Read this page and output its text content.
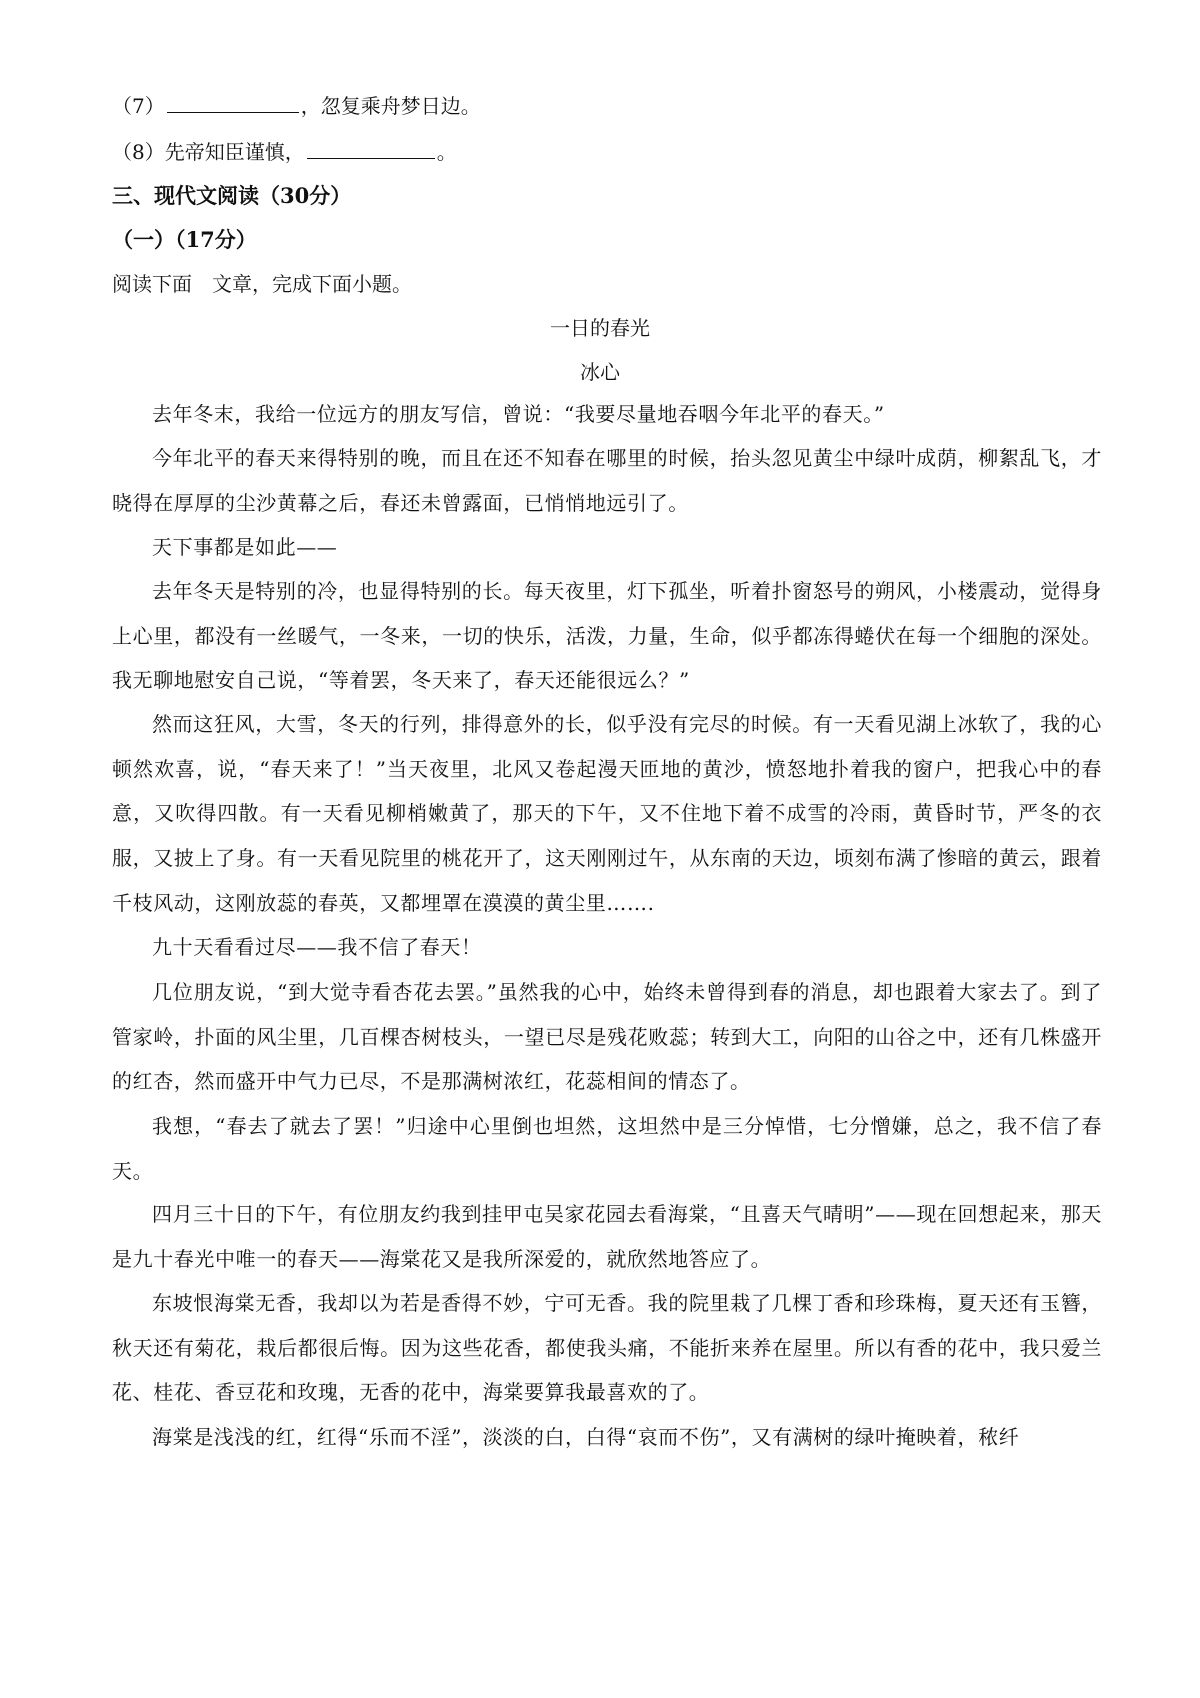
（7）	，忽复乘舟梦日边。
（8）先帝知臣谨慎，	。
三、现代文阅读（30分）
（一）（17分）
阅读下面　文章，完成下面小题。
一日的春光
冰心

去年冬末，我给一位远方的朋友写信，曾说：“我要尽量地吞咽今年北平的春天。”

今年北平的春天来得特别的晚，而且在还不知春在哪里的时候，抬头忽见黄尘中绿叶成荫，柳絮乱飞，才晓得在厚厚的尘沙黄幕之后，春还未曾露面，已悄悄地远引了。

天下事都是如此——

去年冬天是特别的冷，也显得特别的长。每天夜里，灯下孤坐，听着扑窗怒号的朔风，小楼震动，觉得身上心里，都没有一丝暖气，一冬来，一切的快乐，活泼，力量，生命，似乎都冻得蜷伏在每一个细胞的深处。我无聊地慰安自己说，“等着罢，冬天来了，春天还能很远么？”

然而这狂风，大雪，冬天的行列，排得意外的长，似乎没有完尽的时候。有一天看见湖上冰软了，我的心顿然欢喜，说，“春天来了！”当天夜里，北风又卷起漫天匝地的黄沙，愤怒地扑着我的窗户，把我心中的春意，又吹得四散。有一天看见柳梢嫩黄了，那天的下午，又不住地下着不成雪的冷雨，黄昏时节，严冬的衣服，又披上了身。有一天看见院里的桃花开了，这天刚刚过午，从东南的天边，顷刻布满了惨暗的黄云，跟着千枝风动，这刚放蕊的春英，又都埋罩在漠漠的黄尘里…….

九十天看看过尽——我不信了春天！

几位朋友说，“到大觉寺看杏花去罢。”虽然我的心中，始终未曾得到春的消息，却也跟着大家去了。到了管家岭，扑面的风尘里，几百棵杏树枝头，一望已尽是残花败蕊；转到大工，向阳的山谷之中，还有几株盛开的红杏，然而盛开中气力已尽，不是那满树浓红，花蕊相间的情态了。

我想，“春去了就去了罢！”归途中心里倒也坦然，这坦然中是三分悼惜，七分憎嫌，总之，我不信了春天。

四月三十日的下午，有位朋友约我到挂甲屯吴家花园去看海棠，“且喜天气晴明”——现在回想起来，那天是九十春光中唯一的春天——海棠花又是我所深爱的，就欣然地答应了。

东坡恨海棠无香，我却以为若是香得不妙，宁可无香。我的院里栽了几棵丁香和珍珠梅，夏天还有玉簪，秋天还有菊花，栽后都很后悔。因为这些花香，都使我头痛，不能折来养在屋里。所以有香的花中，我只爱兰花、桂花、香豆花和玫瑰，无香的花中，海棠要算我最喜欢的了。

海棠是浅浅的红，红得“乐而不淫”，淡淡的白，白得“哀而不伤”，又有满树的绿叶掩映着，秾纤
